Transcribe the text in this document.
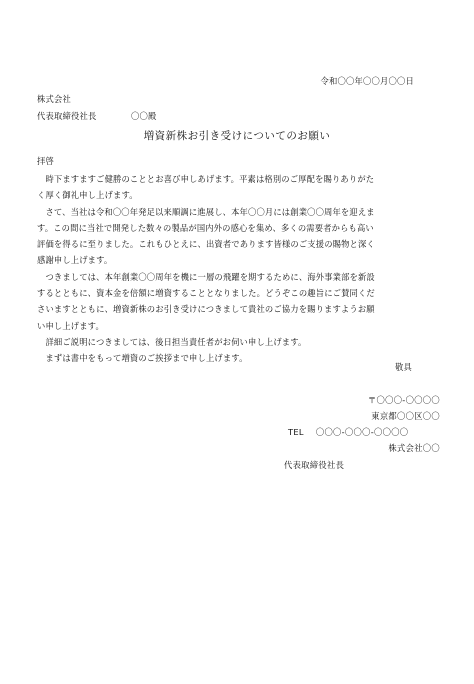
令和〇〇年〇〇月〇〇日
株式会社
代表取締役社長	〇〇殿
増資新株お引き受けについてのお願い
拝啓
　時下ますますご健勝のこととお喜び申しあげます。平素は格別のご厚配を賜りありがた
く厚く御礼申し上げます。
　さて、当社は令和〇〇年発足以来順調に進展し、本年〇〇月には創業〇〇周年を迎えま
す。この間に当社で開発した数々の製品が国内外の感心を集め、多くの需要者からも高い
評価を得るに至りました。これもひとえに、出資者であります皆様のご支援の賜物と深く
感謝申し上げます。
　つきましては、本年創業〇〇周年を機に一層の飛躍を期するために、海外事業部を新設
するとともに、資本金を倍額に増資することとなりました。どうぞこの趣旨にご賛同くだ
さいますとともに、増資新株のお引き受けにつきまして貴社のご協力を賜りますようお願
い申し上げます。
　詳細ご説明につきましては、後日担当責任者がお伺い申し上げます。
　まずは書中をもって増資のご挨拶まで申し上げます。
敬具
〒〇〇〇-〇〇〇〇
東京都〇〇区〇〇
TEL 〇〇〇-〇〇〇-〇〇〇〇
株式会社〇〇
代表取締役社長
